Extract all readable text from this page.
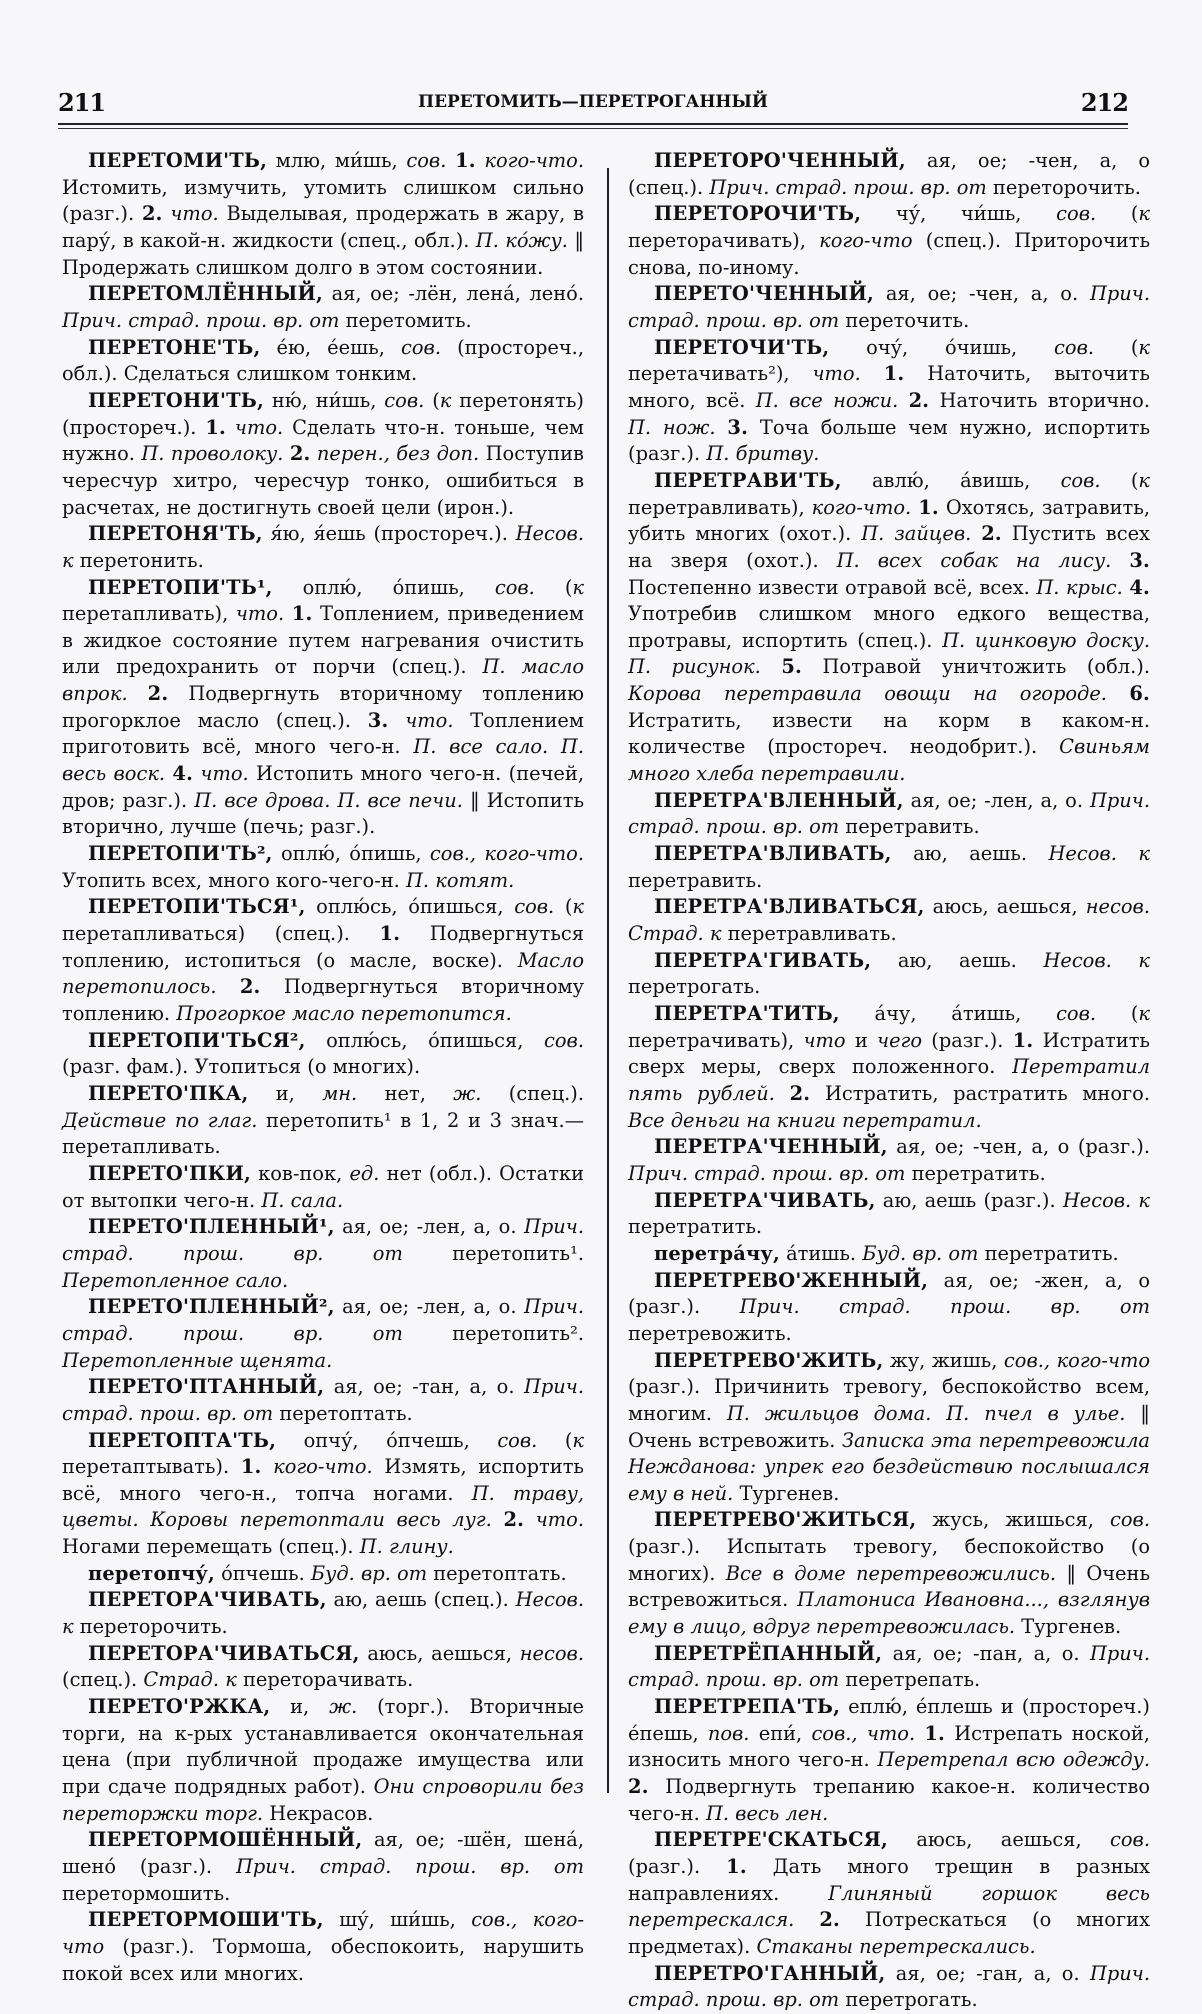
211	ПЕРЕТОМИТЬ—ПЕРЕТРОГАННЫЙ	212

ПЕРЕТОМИ'ТЬ, млю, ми́шь, сов. 1. кого-что. Истомить, измучить, утомить слишком сильно (разг.). 2. что. Выделывая, продержать в жару, в пару́, в какой-н. жидкости (спец., обл.). П. ко́жу. ‖ Продержать слишком долго в этом состоянии.

ПЕРЕТОМЛЁННЫЙ, ая, ое; -лён, лена́, лено́. Прич. страд. прош. вр. от перетомить.

ПЕРЕТОНЕ'ТЬ, е́ю, е́ешь, сов. (простореч., обл.). Сделаться слишком тонким.

ПЕРЕТОНИ'ТЬ, ню́, ни́шь, сов. (к перетонять) (простореч.). 1. что. Сделать что-н. тоньше, чем нужно. П. проволоку. 2. перен., без доп. Поступив чересчур хитро, чересчур тонко, ошибиться в расчетах, не достигнуть своей цели (ирон.).

ПЕРЕТОНЯ'ТЬ, я́ю, я́ешь (простореч.). Несов. к перетонить.

ПЕРЕТОПИ'ТЬ¹, оплю́, о́пишь, сов. (к перетапливать), что. 1. Топлением, приведением в жидкое состояние путем нагревания очистить или предохранить от порчи (спец.). П. масло впрок. 2. Подвергнуть вторичному топлению прогорклое масло (спец.). 3. что. Топлением приготовить всё, много чего-н. П. все сало. П. весь воск. 4. что. Истопить много чего-н. (печей, дров; разг.). П. все дрова. П. все печи. ‖ Истопить вторично, лучше (печь; разг.).

ПЕРЕТОПИ'ТЬ², оплю́, о́пишь, сов., кого-что. Утопить всех, много кого-чего-н. П. котят.

ПЕРЕТОПИ'ТЬСЯ¹, оплю́сь, о́пишься, сов. (к перетапливаться) (спец.). 1. Подвергнуться топлению, истопиться (о масле, воске). Масло перетопилось. 2. Подвергнуться вторичному топлению. Прогоркое масло перетопится.

ПЕРЕТОПИ'ТЬСЯ², оплю́сь, о́пишься, сов. (разг. фам.). Утопиться (о многих).

ПЕРЕТО'ПКА, и, мн. нет, ж. (спец.). Действие по глаг. перетопить¹ в 1, 2 и 3 знач.—перетапливать.

ПЕРЕТО'ПКИ, ков-пок, ед. нет (обл.). Остатки от вытопки чего-н. П. сала.

ПЕРЕТО'ПЛЕННЫЙ¹, ая, ое; -лен, а, о. Прич. страд. прош. вр. от перетопить¹. Перетопленное сало.

ПЕРЕТО'ПЛЕННЫЙ², ая, ое; -лен, а, о. Прич. страд. прош. вр. от перетопить². Перетопленные щенята.

ПЕРЕТО'ПТАННЫЙ, ая, ое; -тан, а, о. Прич. страд. прош. вр. от перетоптать.

ПЕРЕТОПТА'ТЬ, опчу́, о́пчешь, сов. (к перетаптывать). 1. кого-что. Измять, испортить всё, много чего-н., топча ногами. П. траву, цветы. Коровы перетоптали весь луг. 2. что. Ногами перемещать (спец.). П. глину.

перетопчу́, о́пчешь. Буд. вр. от перетоптать.

ПЕРЕТОРА'ЧИВАТЬ, аю, аешь (спец.). Несов. к переторочить.

ПЕРЕТОРА'ЧИВАТЬСЯ, аюсь, аешься, несов. (спец.). Страд. к переторачивать.

ПЕРЕТО'РЖКА, и, ж. (торг.). Вторичные торги, на к-рых устанавливается окончательная цена (при публичной продаже имущества или при сдаче подрядных работ). Они спроворили без переторжки торг. Некрасов.

ПЕРЕТОРМОШЁННЫЙ, ая, ое; -шён, шена́, шено́ (разг.). Прич. страд. прош. вр. от перетормошить.

ПЕРЕТОРМОШИ'ТЬ, шу́, ши́шь, сов., кого-что (разг.). Тормоша, обеспокоить, нарушить покой всех или многих.

ПЕРЕТОРО'ЧЕННЫЙ, ая, ое; -чен, а, о (спец.). Прич. страд. прош. вр. от переторочить.

ПЕРЕТОРОЧИ'ТЬ, чу́, чи́шь, сов. (к переторачивать), кого-что (спец.). Приторочить снова, по-иному.

ПЕРЕТО'ЧЕННЫЙ, ая, ое; -чен, а, о. Прич. страд. прош. вр. от переточить.

ПЕРЕТОЧИ'ТЬ, очу́, о́чишь, сов. (к перетачивать²), что. 1. Наточить, выточить много, всё. П. все ножи. 2. Наточить вторично. П. нож. 3. Точа больше чем нужно, испортить (разг.). П. бритву.

ПЕРЕТРАВИ'ТЬ, авлю́, а́вишь, сов. (к перетравливать), кого-что. 1. Охотясь, затравить, убить многих (охот.). П. зайцев. 2. Пустить всех на зверя (охот.). П. всех собак на лису. 3. Постепенно извести отравой всё, всех. П. крыс. 4. Употребив слишком много едкого вещества, протравы, испортить (спец.). П. цинковую доску. П. рисунок. 5. Потравой уничтожить (обл.). Корова перетравила овощи на огороде. 6. Истратить, извести на корм в каком-н. количестве (простореч. неодобрит.). Свиньям много хлеба перетравили.

ПЕРЕТРА'ВЛЕННЫЙ, ая, ое; -лен, а, о. Прич. страд. прош. вр. от перетравить.

ПЕРЕТРА'ВЛИВАТЬ, аю, аешь. Несов. к перетравить.

ПЕРЕТРА'ВЛИВАТЬСЯ, аюсь, аешься, несов. Страд. к перетравливать.

ПЕРЕТРА'ГИВАТЬ, аю, аешь. Несов. к перетрогать.

ПЕРЕТРА'ТИТЬ, а́чу, а́тишь, сов. (к перетрачивать), что и чего (разг.). 1. Истратить сверх меры, сверх положенного. Перетратил пять рублей. 2. Истратить, растратить много. Все деньги на книги перетратил.

ПЕРЕТРА'ЧЕННЫЙ, ая, ое; -чен, а, о (разг.). Прич. страд. прош. вр. от перетратить.

ПЕРЕТРА'ЧИВАТЬ, аю, аешь (разг.). Несов. к перетратить.

перетра́чу, а́тишь. Буд. вр. от перетратить.

ПЕРЕТРЕВО'ЖЕННЫЙ, ая, ое; -жен, а, о (разг.). Прич. страд. прош. вр. от перетревожить.

ПЕРЕТРЕВО'ЖИТЬ, жу, жишь, сов., кого-что (разг.). Причинить тревогу, беспокойство всем, многим. П. жильцов дома. П. пчел в улье. ‖ Очень встревожить. Записка эта перетревожила Нежданова: упрек его бездействию послышался ему в ней. Тургенев.

ПЕРЕТРЕВО'ЖИТЬСЯ, жусь, жишься, сов. (разг.). Испытать тревогу, беспокойство (о многих). Все в доме перетревожились. ‖ Очень встревожиться. Платониса Ивановна..., взглянув ему в лицо, вдруг перетревожилась. Тургенев.

ПЕРЕТРЁПАННЫЙ, ая, ое; -пан, а, о. Прич. страд. прош. вр. от перетрепать.

ПЕРЕТРЕПА'ТЬ, еплю́, е́плешь и (простореч.) е́пешь, пов. епи́, сов., что. 1. Истрепать ноской, износить много чего-н. Перетрепал всю одежду. 2. Подвергнуть трепанию какое-н. количество чего-н. П. весь лен.

ПЕРЕТРЕ'СКАТЬСЯ, аюсь, аешься, сов. (разг.). 1. Дать много трещин в разных направлениях. Глиняный горшок весь перетрескался. 2. Потрескаться (о многих предметах). Стаканы перетрескались.

ПЕРЕТРО'ГАННЫЙ, ая, ое; -ган, а, о. Прич. страд. прош. вр. от перетрогать.
